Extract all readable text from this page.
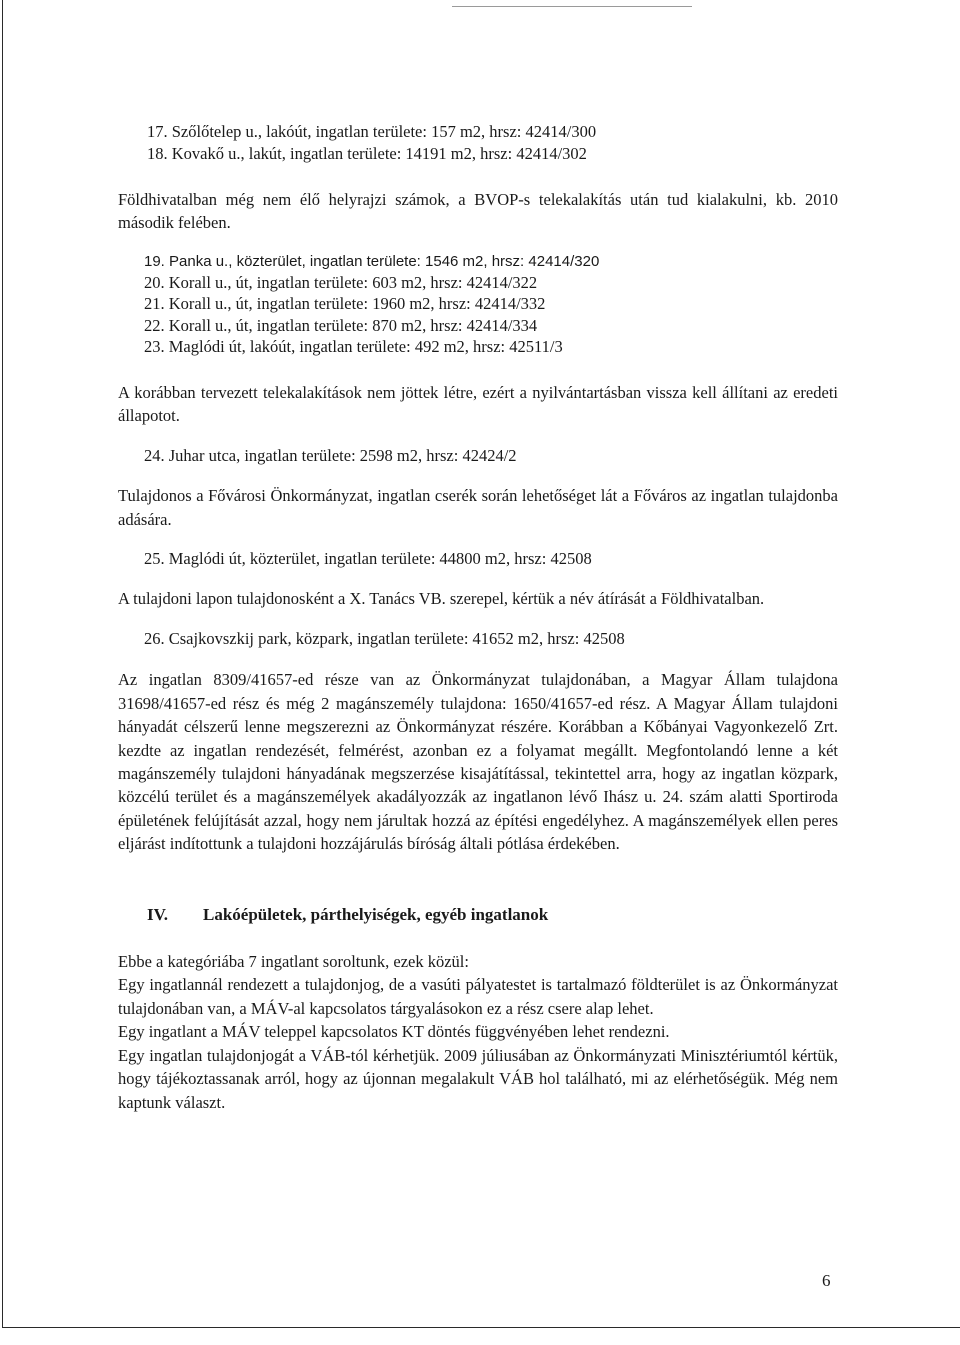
17. Szőlőtelep u., lakóút, ingatlan területe: 157 m2, hrsz: 42414/300

18. Kovakő u., lakút, ingatlan területe: 14191 m2, hrsz: 42414/302

Földhivatalban még nem élő helyrajzi számok, a BVOP-s telekalakítás után tud kialakulni, kb. 2010 második felében.

19. Panka u., közterület, ingatlan területe: 1546 m2, hrsz: 42414/320

20. Korall u., út, ingatlan területe: 603 m2, hrsz: 42414/322

21. Korall u., út, ingatlan területe: 1960 m2, hrsz: 42414/332

22. Korall u., út, ingatlan területe: 870 m2, hrsz: 42414/334

23. Maglódi út, lakóút, ingatlan területe: 492 m2, hrsz: 42511/3

A korábban tervezett telekalakítások nem jöttek létre, ezért a nyilvántartásban vissza kell állítani az eredeti állapotot.

24. Juhar utca, ingatlan területe: 2598 m2, hrsz: 42424/2

Tulajdonos a Fővárosi Önkormányzat, ingatlan cserék során lehetőséget lát a Főváros az ingatlan tulajdonba adására.

25. Maglódi út, közterület, ingatlan területe: 44800 m2, hrsz: 42508

A tulajdoni lapon tulajdonosként a X. Tanács VB. szerepel, kértük a név átírását a Földhivatalban.

26. Csajkovszkij park, közpark, ingatlan területe: 41652 m2, hrsz: 42508

Az ingatlan 8309/41657-ed része van az Önkormányzat tulajdonában, a Magyar Állam tulajdona 31698/41657-ed rész és még 2 magánszemély tulajdona: 1650/41657-ed rész. A Magyar Állam tulajdoni hányadát célszerű lenne megszerezni az Önkormányzat részére. Korábban a Kőbányai Vagyonkezelő Zrt. kezdte az ingatlan rendezését, felmérést, azonban ez a folyamat megállt. Megfontolandó lenne a két magánszemély tulajdoni hányadának megszerzése kisajátítással, tekintettel arra, hogy az ingatlan közpark, közcélú terület és a magánszemélyek akadályozzák az ingatlanon lévő Ihász u. 24. szám alatti Sportiroda épületének felújítását azzal, hogy nem járultak hozzá az építési engedélyhez. A magánszemélyek ellen peres eljárást indítottunk a tulajdoni hozzájárulás bíróság általi pótlása érdekében.

IV. Lakóépületek, párthelyiségek, egyéb ingatlanok

Ebbe a kategóriába 7 ingatlant soroltunk, ezek közül:

Egy ingatlannál rendezett a tulajdonjog, de a vasúti pályatestet is tartalmazó földterület is az Önkormányzat tulajdonában van, a MÁV-al kapcsolatos tárgyalásokon ez a rész csere alap lehet.

Egy ingatlant a MÁV teleppel kapcsolatos KT döntés függvényében lehet rendezni.

Egy ingatlan tulajdonjogát a VÁB-tól kérhetjük. 2009 júliusában az Önkormányzati Minisztériumtól kértük, hogy tájékoztassanak arról, hogy az újonnan megalakult VÁB hol található, mi az elérhetőségük. Még nem kaptunk választ.

6
